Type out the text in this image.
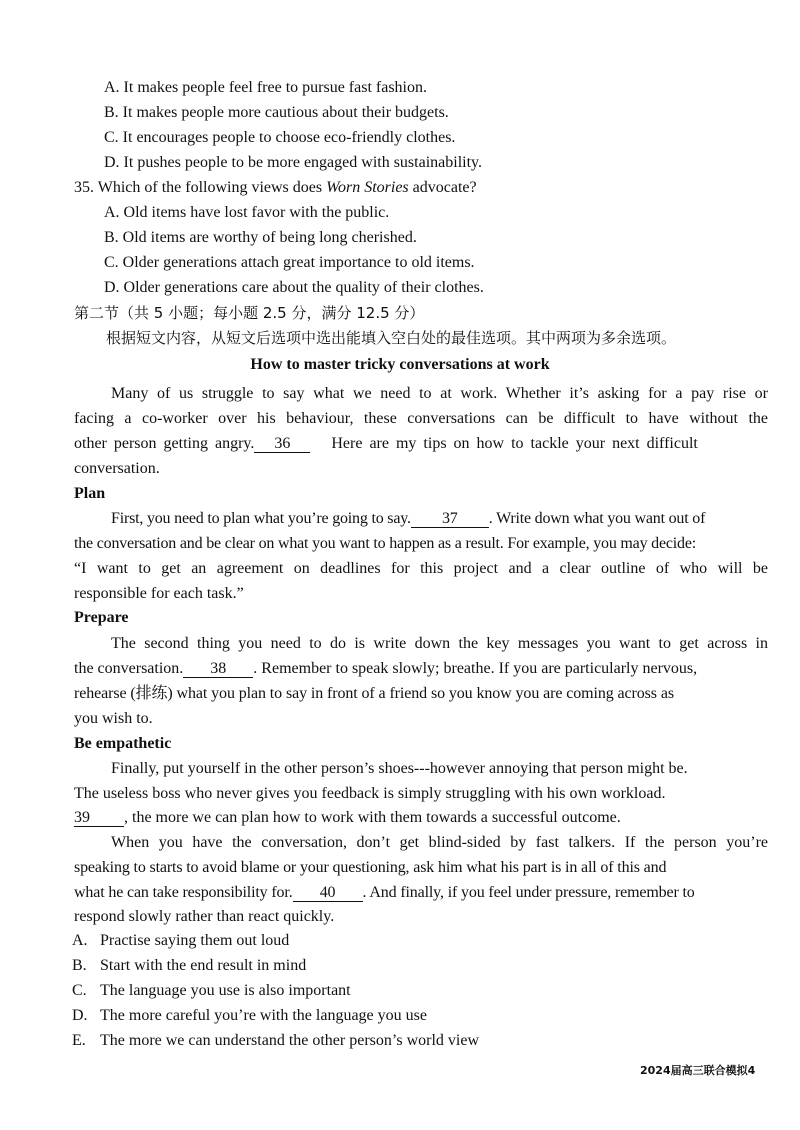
A. It makes people feel free to pursue fast fashion.
B. It makes people more cautious about their budgets.
C. It encourages people to choose eco-friendly clothes.
D. It pushes people to be more engaged with sustainability.
35. Which of the following views does Worn Stories advocate?
A. Old items have lost favor with the public.
B. Old items are worthy of being long cherished.
C. Older generations attach great importance to old items.
D. Older generations care about the quality of their clothes.
第二节（共 5 小题；每小题 2.5 分，满分 12.5 分）
根据短文内容，从短文后选项中选出能填入空白处的最佳选项。其中两项为多余选项。
How to master tricky conversations at work
Many of us struggle to say what we need to at work. Whether it’s asking for a pay rise or
facing a co-worker over his behaviour, these conversations can be difficult to have without the
other person getting angry. 36	Here are my tips on how to tackle your next difficult
conversation.
Plan
First, you need to plan what you’re going to say. 37 . Write down what you want out of
the conversation and be clear on what you want to happen as a result. For example, you may decide:
“I want to get an agreement on deadlines for this project and a clear outline of who will be
responsible for each task.”
Prepare
The second thing you need to do is write down the key messages you want to get across in
the conversation. 38 . Remember to speak slowly; breathe. If you are particularly nervous,
rehearse (排练) what you plan to say in front of a friend so you know you are coming across as
you wish to.
Be empathetic
Finally, put yourself in the other person’s shoes---however annoying that person might be.
The useless boss who never gives you feedback is simply struggling with his own workload.
39 , the more we can plan how to work with them towards a successful outcome.
When you have the conversation, don’t get blind-sided by fast talkers. If the person you’re
speaking to starts to avoid blame or your questioning, ask him what his part is in all of this and
what he can take responsibility for. 40 . And finally, if you feel under pressure, remember to
respond slowly rather than react quickly.
A. Practise saying them out loud
B. Start with the end result in mind
C. The language you use is also important
D. The more careful you’re with the language you use
E. The more we can understand the other person’s world view
2024届高三联合模拟4
